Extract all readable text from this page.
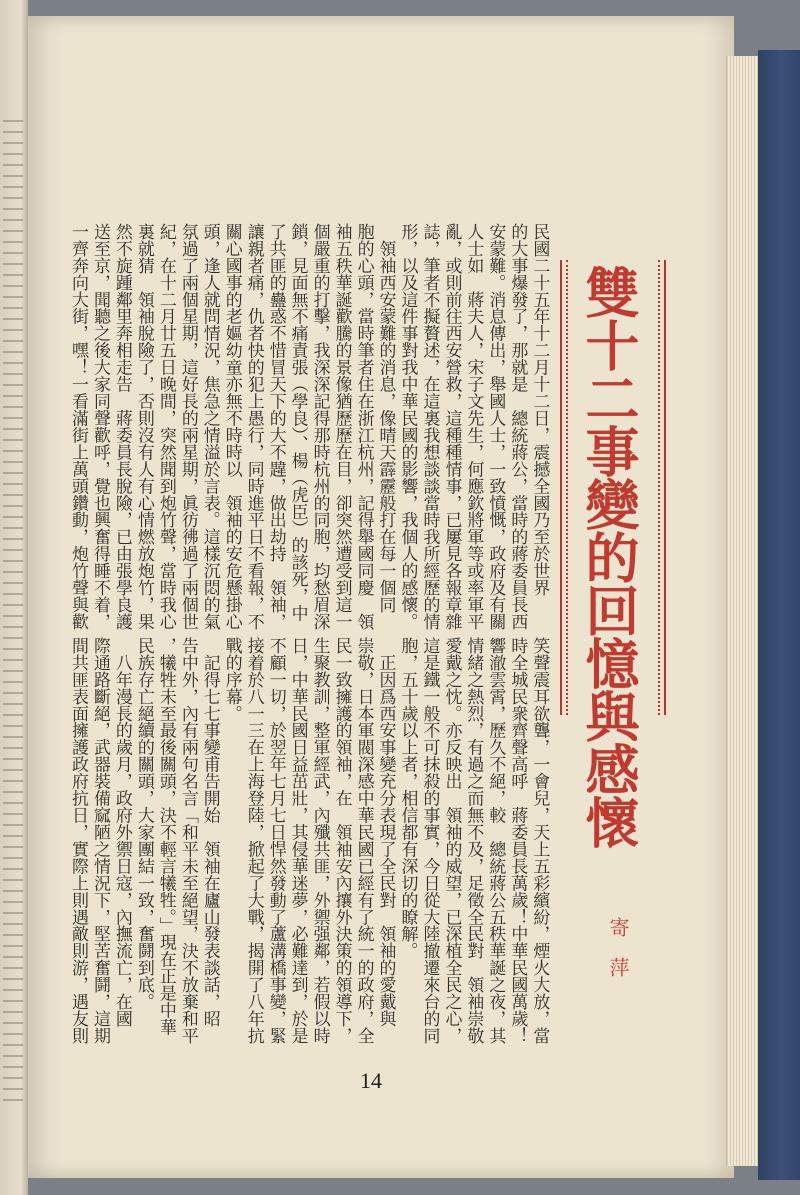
雙十二事變的回憶與感懷
寄萍
民國二十五年十二月十二日，震撼全國乃至於世界
的大事爆發了，那就是　總統蔣公，當時的蔣委員長西
安蒙難。消息傳出，舉國人士，一致憤慨，政府及有關
人士如　蔣夫人，宋子文先生，何應欽將軍等或率軍平
亂，或則前往西安營救，這種種情事，已屢見各報章雜
誌，筆者不擬贅述，在這裏我想談談當時我所經歷的情
形，以及這件事對我中華民國的影響，我個人的感懷。
　領袖西安蒙難的消息，像晴天霹靂般打在每一個同
胞的心頭，當時筆者住在浙江杭州，記得舉國同慶　領
袖五秩華誕歡騰的景像猶歷歷在目，卻突然遭受到這一
個嚴重的打擊，我深深記得那時杭州的同胞，均愁眉深
鎖，見面無不痛責張（學良）、楊（虎臣）的該死，中
了共匪的蠱惑不惜冒天下的大不韙，做出劫持　領袖，
讓親者痛，仇者快的犯上愚行，同時進平日不看報，不
關心國事的老嫗幼童亦無不時時以　領袖的安危懸掛心
頭，逢人就問情況，焦急之情溢於言表。這樣沉悶的氣
氛過了兩個星期，這好長的兩星期，眞彷彿過了兩個世
紀，在十二月廿五日晚間，突然聞到炮竹聲，當時我心
裏就猜　領袖脫險了，否則沒有人有心情燃放炮竹，果
然不旋踵鄰里奔相走告　蔣委員長脫險，已由張學良護
送至京，聞聽之後大家同聲歡呼，覺也興奮得睡不着，
一齊奔向大街，嘿！一看滿街上萬頭鑽動，炮竹聲與歡
笑聲震耳欲聾，一會兒，天上五彩繽紛，煙火大放，當
時全城民衆齊聲高呼　蔣委員長萬歲！中華民國萬歲！
響澈雲霄，歷久不絕，較　總統蔣公五秩華誕之夜，其
情緒之熱烈，有過之而無不及，足徵全民對　領袖崇敬
愛戴之忱。亦反映出　領袖的威望，已深植全民之心，
這是鐵一般不可抹殺的事實，今日從大陸撤遷來台的同
胞，五十歲以上者，相信都有深切的瞭解。
　正因爲西安事變充分表現了全民對　領袖的愛戴與
崇敬，日本軍閥深感中華民國已經有了統一的政府，全
民一致擁護的領袖，在　領袖安內攘外決策的領導下，
生聚教訓，整軍經武，內殲共匪，外禦强鄰，若假以時
日，中華民國日益茁壯，其侵華迷夢，必難達到，於是
不顧一切，於翌年七月七日悍然發動了蘆溝橋事變，緊
接着於八一三在上海登陸，掀起了大戰，揭開了八年抗
戰的序幕。
　記得七七事變甫告開始　領袖在廬山發表談話，昭
告中外，內有兩句名言「和平未至絕望，決不放棄和平
，犧牲未至最後關頭，決不輕言犧牲。」現在正是中華
民族存亡絕續的關頭，大家團結一致，奮鬪到底。
　八年漫長的歲月，政府外禦日寇，內撫流亡，在國
際通路斷絕，武器裝備窳陋之情況下，堅苦奮鬪，這期
間共匪表面擁護政府抗日，實際上則遇敵則游，遇友則
14
